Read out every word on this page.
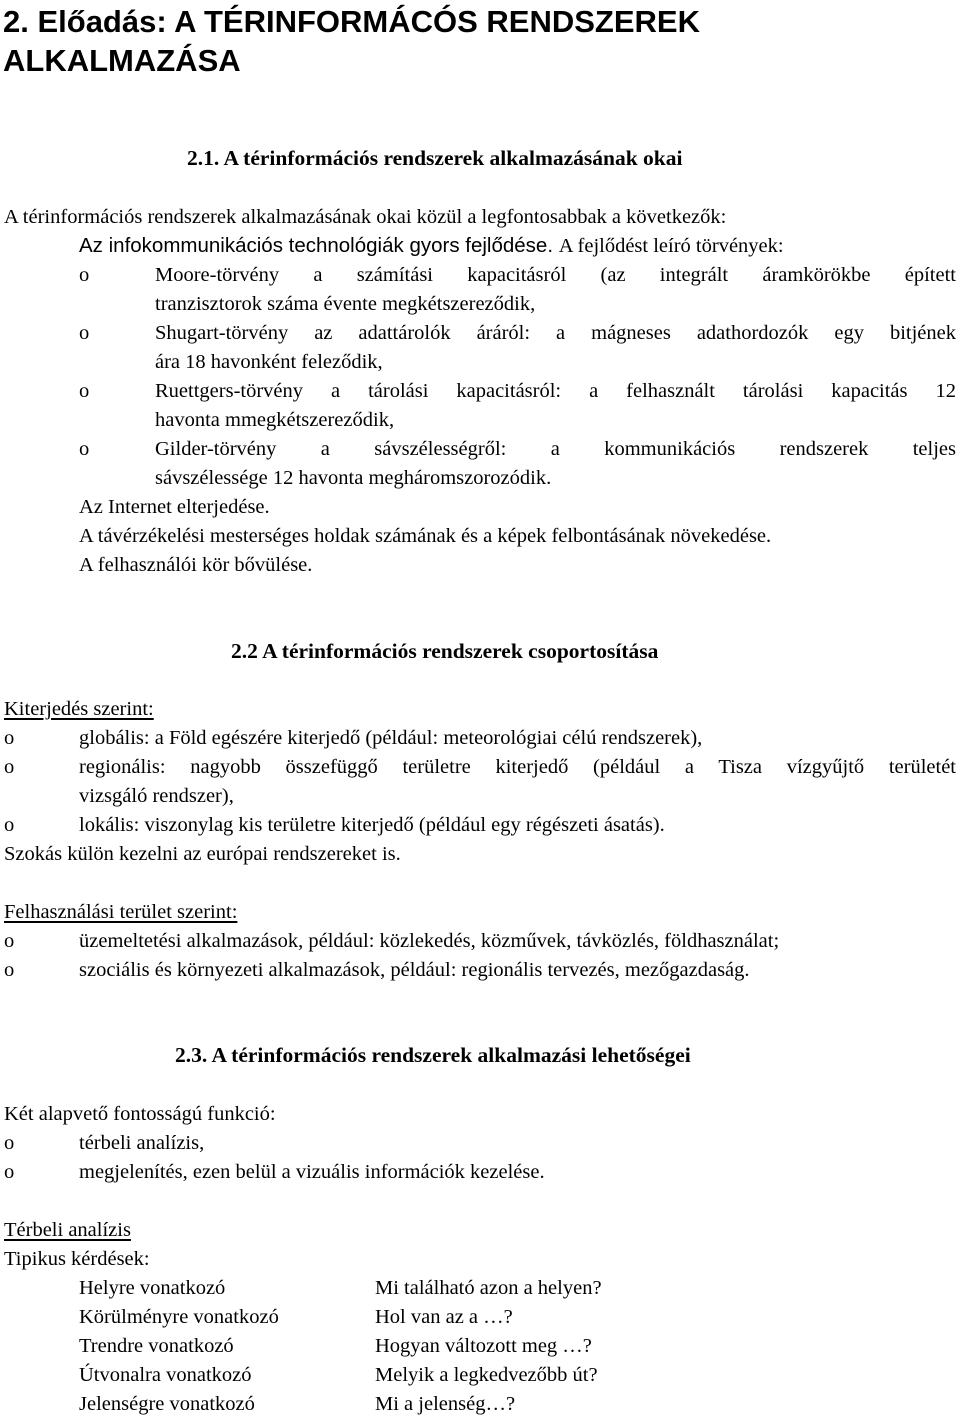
2. Előadás: A TÉRINFORMÁCÓS RENDSZEREK
ALKALMAZÁSA
2.1. A térinformációs rendszerek alkalmazásának okai
A térinformációs rendszerek alkalmazásának okai közül a legfontosabbak a következők:
Az infokommunikációs technológiák gyors fejlődése. A fejlődést leíró törvények:
o	Moore-törvény a számítási kapacitásról (az integrált áramkörökbe épített
tranzisztorok száma évente megkétszereződik,
o	Shugart-törvény az adattárolók áráról: a mágneses adathordozók egy bitjének
ára 18 havonként feleződik,
o	Ruettgers-törvény a tárolási kapacitásról: a felhasznált tárolási kapacitás 12
havonta mmegkétszereződik,
o	Gilder-törvény a sávszélességről: a kommunikációs rendszerek teljes
sávszélessége 12 havonta megháromszorozódik.
Az Internet elterjedése.
A távérzékelési mesterséges holdak számának és a képek felbontásának növekedése.
A felhasználói kör bővülése.
2.2 A térinformációs rendszerek csoportosítása
Kiterjedés szerint:
o	globális: a Föld egészére kiterjedő (például: meteorológiai célú rendszerek),
o	regionális: nagyobb összefüggő területre kiterjedő (például a Tisza vízgyűjtő területét
vizsgáló rendszer),
o	lokális: viszonylag kis területre kiterjedő (például egy régészeti ásatás).
Szokás külön kezelni az európai rendszereket is.
Felhasználási terület szerint:
o	üzemeltetési alkalmazások, például: közlekedés, közművek, távközlés, földhasználat;
o	szociális és környezeti alkalmazások, például: regionális tervezés, mezőgazdaság.
2.3. A térinformációs rendszerek alkalmazási lehetőségei
Két alapvető fontosságú funkció:
o	térbeli analízis,
o	megjelenítés, ezen belül a vizuális információk kezelése.
Térbeli analízis
Tipikus kérdések:
Helyre vonatkozó	Mi található azon a helyen?
Körülményre vonatkozó	Hol van az a …?
Trendre vonatkozó	Hogyan változott meg …?
Útvonalra vonatkozó	Melyik a legkedvezőbb út?
Jelenségre vonatkozó	Mi a jelenség…?
